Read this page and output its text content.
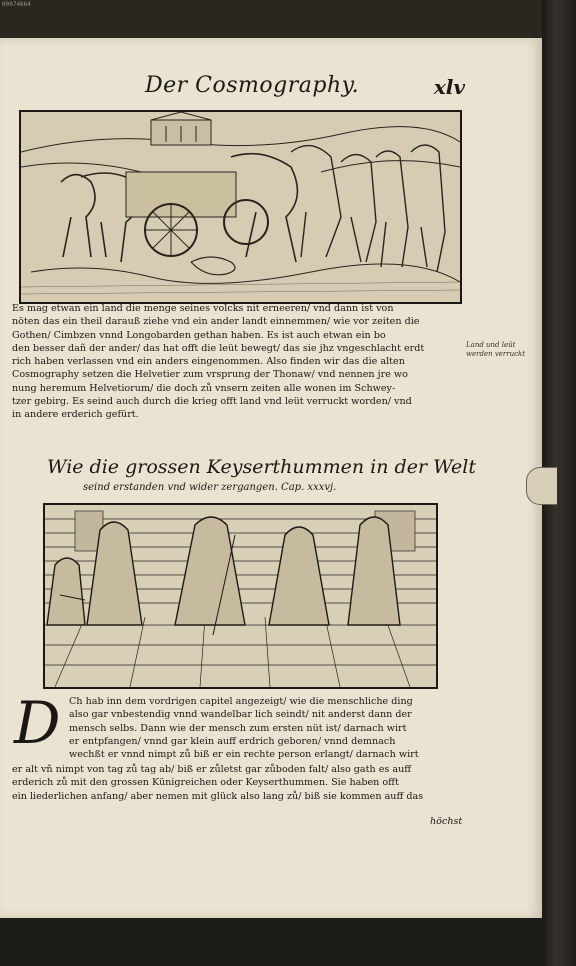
00074664
Der Cosmography.	xlv
Es mag etwan ein land die menge seines volcks nit erneeren/ vnd dann ist von
nöten das ein theil darauß ziehe vnd ein ander landt einnemmen/ wie vor zeiten die
Gothen/ Cimbzen vnnd Longobarden gethan haben. Es ist auch etwan ein bo
den besser dañ der ander/ das hat offt die leüt bewegt/ das sie jhz vngeschlacht erdt
rich haben verlassen vnd ein anders eingenommen. Also finden wir das die alten
Cosmography setzen die Helvetier zum vrsprung der Thonaw/ vnd nennen jre wo
nung heremum Helvetiorum/ die doch zů vnsern zeiten alle wonen im Schwey-
tzer gebirg. Es seind auch durch die krieg offt land vnd leüt verruckt worden/ vnd
in andere erderich gefürt.
Land und leüt
werden verruckt
Wie die grossen Keyserthummen in der Welt
seind erstanden vnd wider zergangen. Cap. xxxvj.
D Ch hab inn dem vordrigen capitel angezeigt/ wie die menschliche ding
also gar vnbestendig vnnd wandelbar lich seindt/ nit anderst dann der
mensch selbs. Dann wie der mensch zum ersten nüt ist/ darnach wirt
er entpfangen/ vnnd gar klein auff erdrich geboren/ vnnd demnach
wechßt er vnnd nimpt zů biß er ein rechte person erlangt/ darnach wirt
er alt vñ nimpt von tag zů tag ab/ biß er zůletst gar zůboden falt/ also gath es auff
erderich zů mit den grossen Künigreichen oder Keyserthummen. Sie haben offt
ein liederlichen anfang/ aber nemen mit glück also lang zů/ biß sie kommen auff das
höchst
